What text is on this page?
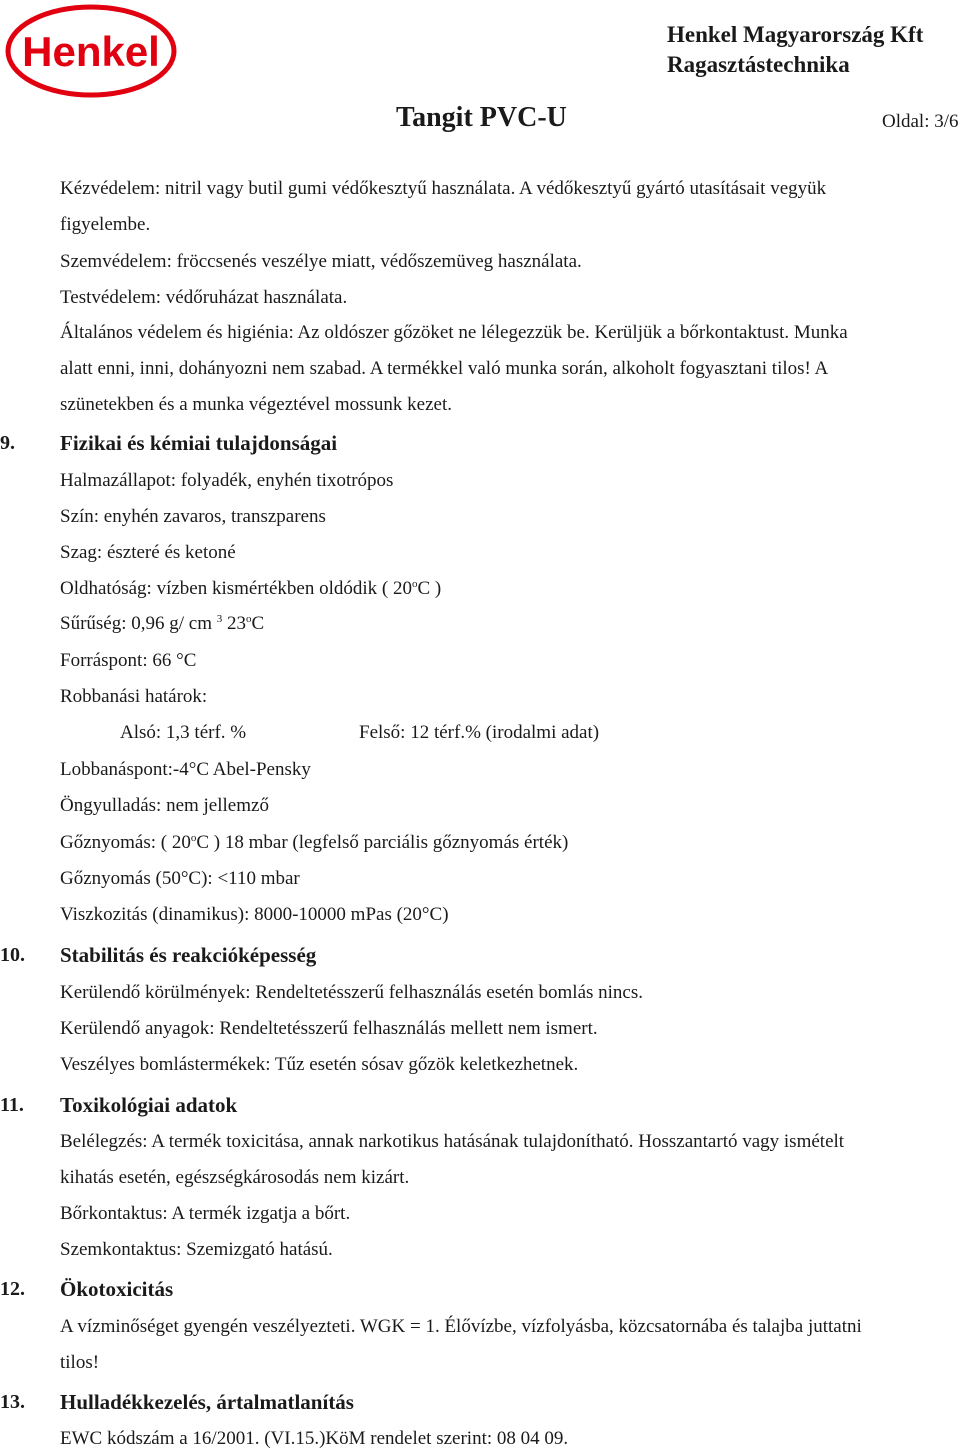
Henkel	Henkel Magyarország Kft
Ragasztástechnika
Tangit PVC-U	Oldal: 3/6
Kézvédelem: nitril vagy butil gumi védőkesztyű használata. A védőkesztyű gyártó utasításait vegyük
figyelembe.
Szemvédelem: fröccsenés veszélye miatt, védőszemüveg használata.
Testvédelem: védőruházat használata.
Általános védelem és higiénia: Az oldószer gőzöket ne lélegezzük be. Kerüljük a bőrkontaktust. Munka
alatt enni, inni, dohányozni nem szabad. A termékkel való munka során, alkoholt fogyasztani tilos! A
szünetekben és a munka végeztével mossunk kezet.
9. Fizikai és kémiai tulajdonságai
Halmazállapot: folyadék, enyhén tixotrópos
Szín: enyhén zavaros, transzparens
Szag: észteré és ketoné
Oldhatóság: vízben kismértékben oldódik ( 20$^o$C )
Sűrűség: 0,96 g/ cm $^3$ 23$^o$C
Forráspont: 66 °C
Robbanási határok:
Alsó: 1,3 térf. %	Felső: 12 térf.% (irodalmi adat)
Lobbanáspont:-4°C Abel-Pensky
Öngyulladás: nem jellemző
Gőznyomás: ( 20$^o$C ) 18 mbar (legfelső parciális gőznyomás érték)
Gőznyomás (50°C): <110 mbar
Viszkozitás (dinamikus): 8000-10000 mPas (20°C)
10. Stabilitás és reakcióképesség
Kerülendő körülmények: Rendeltetésszerű felhasználás esetén bomlás nincs.
Kerülendő anyagok: Rendeltetésszerű felhasználás mellett nem ismert.
Veszélyes bomlástermékek: Tűz esetén sósav gőzök keletkezhetnek.
11. Toxikológiai adatok
Belélegzés: A termék toxicitása, annak narkotikus hatásának tulajdonítható. Hosszantartó vagy ismételt
kihatás esetén, egészségkárosodás nem kizárt.
Bőrkontaktus: A termék izgatja a bőrt.
Szemkontaktus: Szemizgató hatású.
12. Ökotoxicitás
A vízminőséget gyengén veszélyezteti. WGK = 1. Élővízbe, vízfolyásba, közcsatornába és talajba juttatni
tilos!
13. Hulladékkezelés, ártalmatlanítás
EWC kódszám a 16/2001. (VI.15.)KöM rendelet szerint: 08 04 09.
